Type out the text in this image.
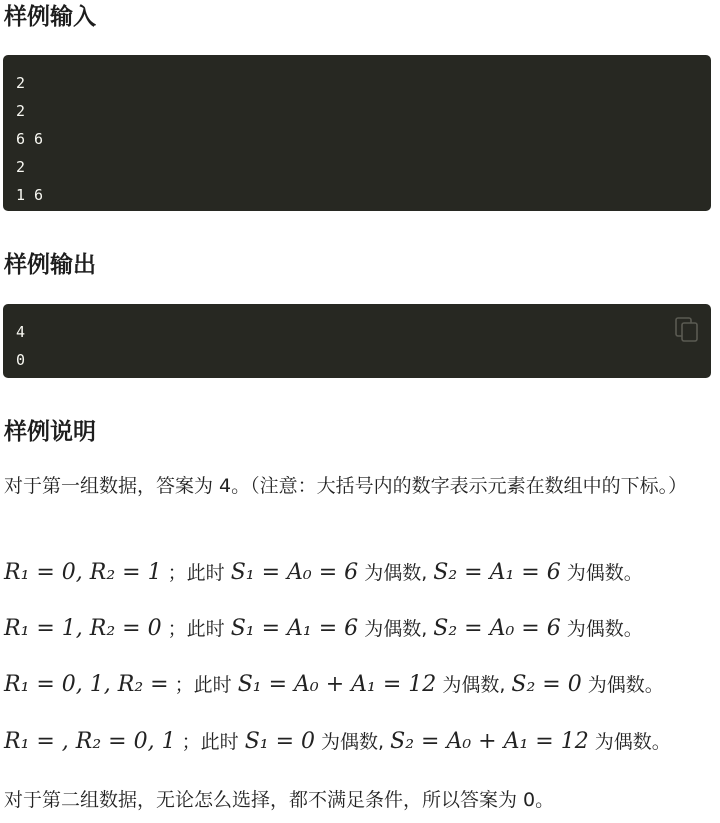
样例输入
2
2
6 6
2
1 6
样例输出
4
0
样例说明

对于第一组数据，答案为 4。（注意：大括号内的数字表示元素在数组中的下标。）

R₁ = 0, R₂ = 1 ；此时 S₁ = A₀ = 6 为偶数, S₂ = A₁ = 6 为偶数。

R₁ = 1, R₂ = 0 ；此时 S₁ = A₁ = 6 为偶数, S₂ = A₀ = 6 为偶数。

R₁ = 0, 1, R₂ = ；此时 S₁ = A₀ + A₁ = 12 为偶数, S₂ = 0 为偶数。

R₁ = , R₂ = 0, 1 ；此时 S₁ = 0 为偶数, S₂ = A₀ + A₁ = 12 为偶数。

对于第二组数据，无论怎么选择，都不满足条件，所以答案为 0。
